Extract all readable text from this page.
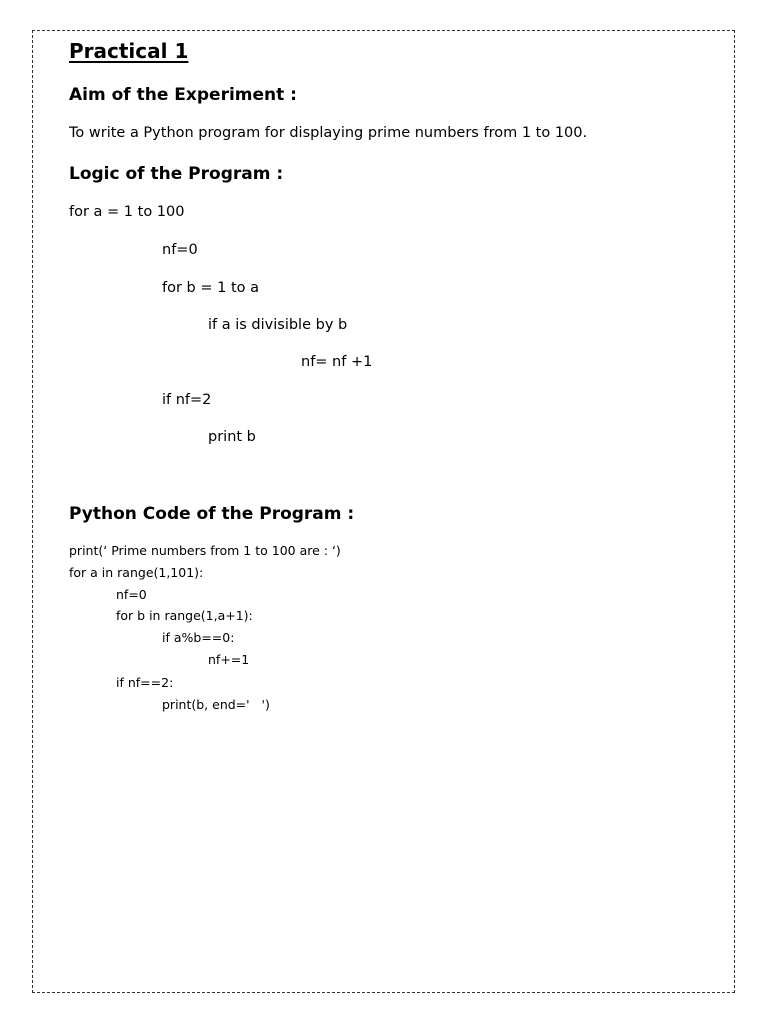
Practical 1
Aim of the Experiment :
To write a Python program for displaying prime numbers from 1 to 100.
Logic of the Program :
for a = 1 to 100
nf=0
for b = 1 to a
if a is divisible by b
nf= nf +1
if nf=2
print b
Python Code of the Program :
print(‘ Prime numbers from 1 to 100 are : ‘)
for a in range(1,101):
nf=0
for b in range(1,a+1):
if a%b==0:
nf+=1
if nf==2:
print(b, end='   ')
